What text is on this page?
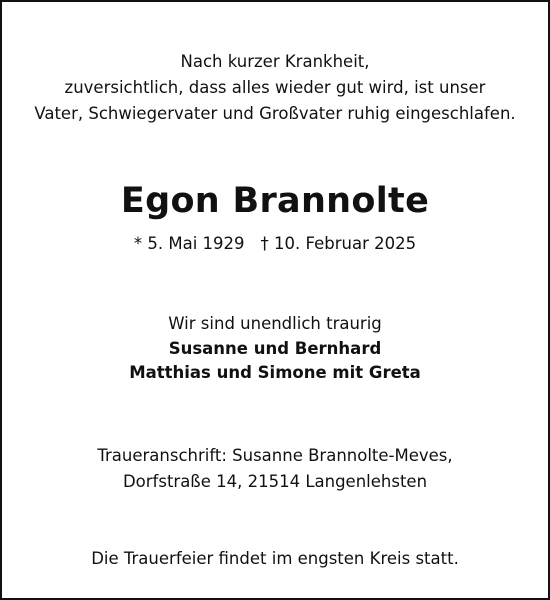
Nach kurzer Krankheit,
zuversichtlich, dass alles wieder gut wird, ist unser
Vater, Schwiegervater und Großvater ruhig eingeschlafen.
Egon Brannolte
* 5. Mai 1929 † 10. Februar 2025
Wir sind unendlich traurig
Susanne und Bernhard
Matthias und Simone mit Greta
Traueranschrift: Susanne Brannolte-Meves,
Dorfstraße 14, 21514 Langenlehsten
Die Trauerfeier findet im engsten Kreis statt.
